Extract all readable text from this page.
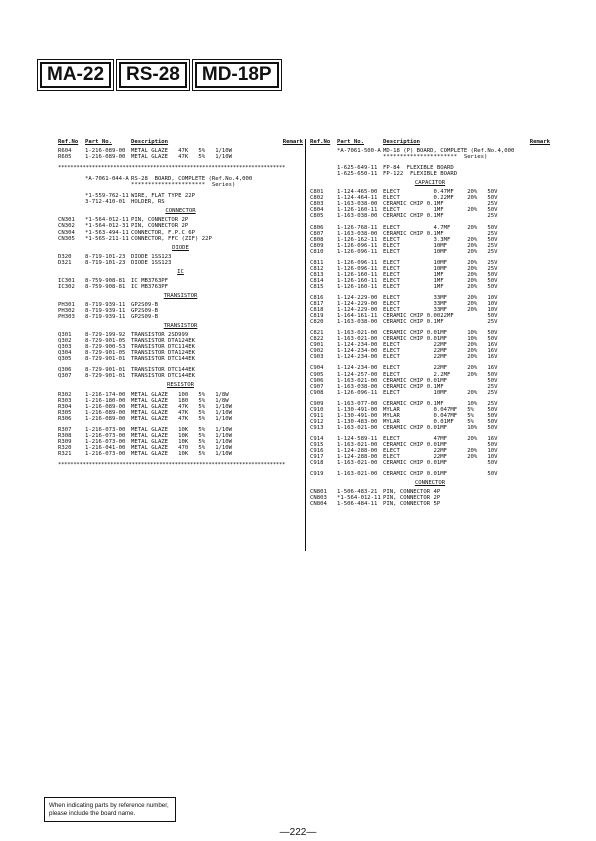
MA-22	RS-28	MD-18P
Ref.No	Part No.	Description	Remark
R604	1-216-089-00 METAL GLAZE   47K   5%   1/10W
R605	1-216-089-00 METAL GLAZE   47K   5%   1/10W
**************************************************************************
*A-7061-044-A RS-28  BOARD, COMPLETE (Ref.No.4,000
**********************  Series)
*1-559-762-11 WIRE, FLAT TYPE 22P
3-712-410-01 HOLDER, RS
CONNECTOR
CN301	*1-564-012-11 PIN, CONNECTOR 2P
CN302	*1-564-012-31 PIN, CONNECTOR 2P
CN304	*1-563-494-11 CONNECTOR, F.P.C 6P
CN305	*1-565-211-11 CONNECTOR, FFC (ZIF) 22P
DIODE
D320	8-719-101-23 DIODE 1SS123
D321	8-719-101-23 DIODE 1SS123
IC
IC301	8-759-908-81 IC MB3763PF
IC302	8-759-908-81 IC MB3763PF
TRANSISTOR
PH301	8-719-939-11 GP2S09-B
PH302	8-719-939-11 GP2S09-B
PH303	8-719-939-11 GP2S09-B
TRANSISTOR
Q301	8-729-199-92 TRANSISTOR 2SD999
Q302	8-729-901-05 TRANSISTOR DTA124EK
Q303	8-729-900-53 TRANSISTOR DTC114EK
Q304	8-729-901-05 TRANSISTOR DTA124EK
Q305	8-729-901-01 TRANSISTOR DTC144EK
Q306	8-729-901-01 TRANSISTOR DTC144EK
Q307	8-729-901-01 TRANSISTOR DTC144EK
RESISTOR
R302	1-216-174-00 METAL GLAZE   100   5%   1/8W
R303	1-216-180-00 METAL GLAZE   180   5%   1/8W
R304	1-216-089-00 METAL GLAZE   47K   5%   1/10W
R305	1-216-089-00 METAL GLAZE   47K   5%   1/10W
R306	1-216-089-00 METAL GLAZE   47K   5%   1/10W
R307	1-216-073-00 METAL GLAZE   10K   5%   1/10W
R308	1-216-073-00 METAL GLAZE   10K   5%   1/10W
R309	1-216-073-00 METAL GLAZE   10K   5%   1/10W
R320	1-216-041-00 METAL GLAZE   470   5%   1/10W
R321	1-216-073-00 METAL GLAZE   10K   5%   1/10W
**************************************************************************
Ref.No	Part No.	Description	Remark
*A-7061-500-A MD-18 (P) BOARD, COMPLETE (Ref.No.4,000
**********************  Series)
1-625-649-11 FP-84  FLEXIBLE BOARD
1-625-650-11 FP-122  FLEXIBLE BOARD
CAPACITOR
C801	1-124-465-00 ELECT          0.47MF    20%   50V
C802	1-124-464-11 ELECT          0.22MF    20%   50V
C803	1-163-038-00 CERAMIC CHIP 0.1MF             25V
C804	1-126-160-11 ELECT          1MF       20%   50V
C805	1-163-038-00 CERAMIC CHIP 0.1MF             25V
C806	1-126-768-11 ELECT          4.7MF     20%   50V
C807	1-163-038-00 CERAMIC CHIP 0.1MF             25V
C808	1-126-162-11 ELECT          3.3MF     20%   50V
C809	1-126-096-11 ELECT          10MF      20%   25V
C810	1-126-096-11 ELECT          10MF      20%   25V
C811	1-126-096-11 ELECT          10MF      20%   25V
C812	1-126-096-11 ELECT          10MF      20%   25V
C813	1-126-160-11 ELECT          1MF       20%   50V
C814	1-126-160-11 ELECT          1MF       20%   50V
C815	1-126-160-11 ELECT          1MF       20%   50V
C816	1-124-229-00 ELECT          33MF      20%   10V
C817	1-124-229-00 ELECT          33MF      20%   10V
C818	1-124-229-00 ELECT          33MF      20%   10V
C819	1-164-161-11 CERAMIC CHIP 0.0022MF          50V
C820	1-163-038-00 CERAMIC CHIP 0.1MF             25V
C821	1-163-021-00 CERAMIC CHIP 0.01MF      10%   50V
C822	1-163-021-00 CERAMIC CHIP 0.01MF      10%   50V
C901	1-124-234-00 ELECT          22MF      20%   16V
C902	1-124-234-00 ELECT          22MF      20%   16V
C903	1-124-234-00 ELECT          22MF      20%   16V
C904	1-124-234-00 ELECT          22MF      20%   16V
C905	1-124-257-00 ELECT          2.2MF     20%   50V
C906	1-163-021-00 CERAMIC CHIP 0.01MF            50V
C907	1-163-038-00 CERAMIC CHIP 0.1MF             25V
C908	1-126-096-11 ELECT          10MF      20%   25V
C909	1-163-077-00 CERAMIC CHIP 0.1MF       10%   25V
C910	1-130-491-00 MYLAR          0.047MF   5%    50V
C911	1-130-491-00 MYLAR          0.047MF   5%    50V
C912	1-130-483-00 MYLAR          0.01MF    5%    50V
C913	1-163-021-00 CERAMIC CHIP 0.01MF      10%   50V
C914	1-124-589-11 ELECT          47MF      20%   16V
C915	1-163-021-00 CERAMIC CHIP 0.01MF            50V
C916	1-124-288-00 ELECT          22MF      20%   10V
C917	1-124-288-00 ELECT          22MF      20%   10V
C918	1-163-021-00 CERAMIC CHIP 0.01MF            50V
C919	1-163-021-00 CERAMIC CHIP 0.01MF            50V
CONNECTOR
CN801	1-506-483-21 PIN, CONNECTOR 4P
CN803	*1-564-012-11 PIN, CONNECTOR 2P
CN804	1-506-484-11 PIN, CONNECTOR 5P
When indicating parts by reference number, please include the board name.
—222—
